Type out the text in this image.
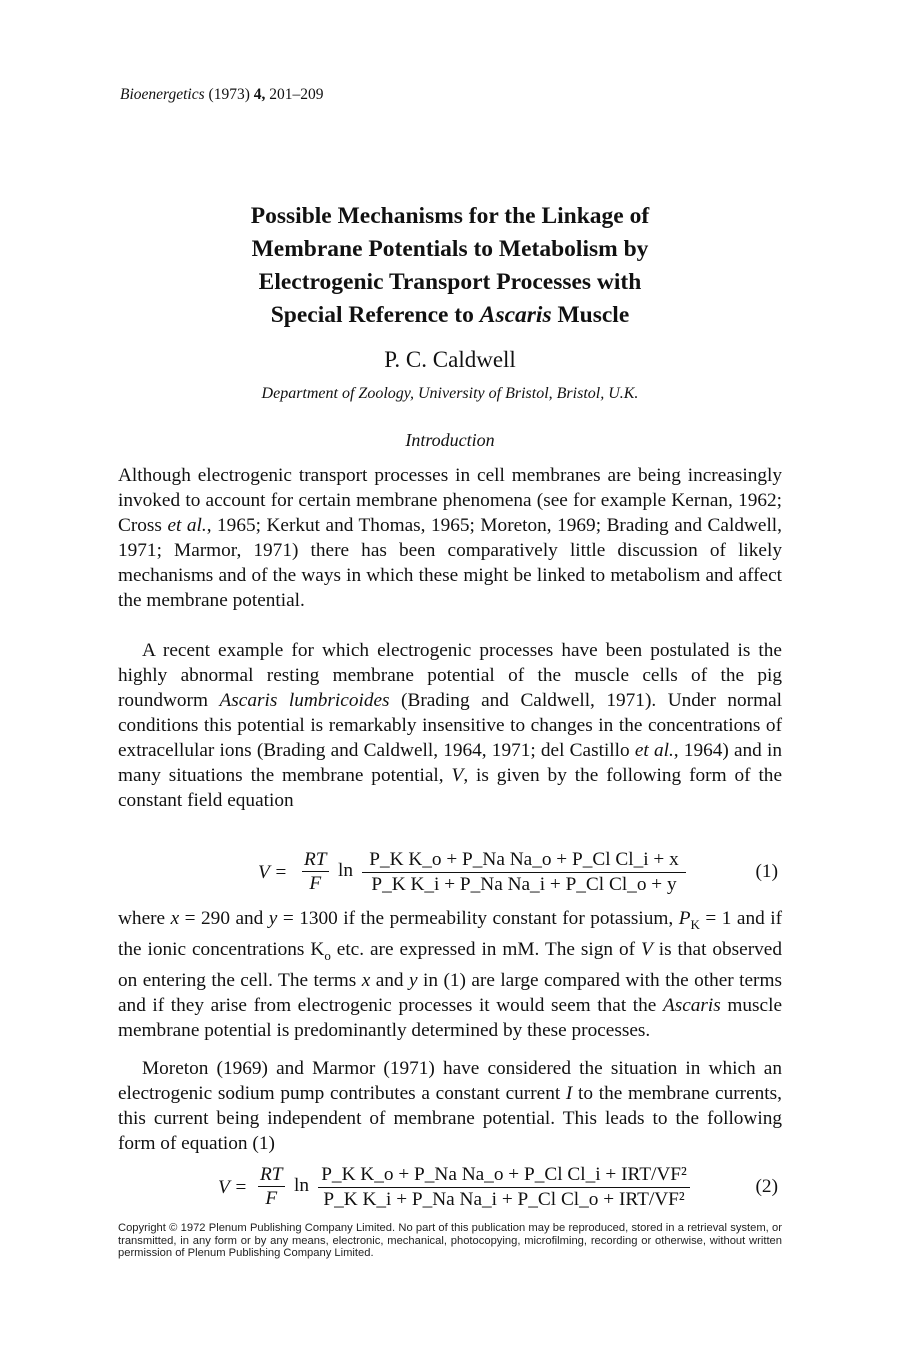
Bioenergetics (1973) 4, 201–209
Possible Mechanisms for the Linkage of
Membrane Potentials to Metabolism by
Electrogenic Transport Processes with
Special Reference to Ascaris Muscle
P. C. Caldwell
Department of Zoology, University of Bristol, Bristol, U.K.
Introduction

Although electrogenic transport processes in cell membranes are being increasingly invoked to account for certain membrane phenomena (see for example Kernan, 1962; Cross et al., 1965; Kerkut and Thomas, 1965; Moreton, 1969; Brading and Caldwell, 1971; Marmor, 1971) there has been comparatively little discussion of likely mechanisms and of the ways in which these might be linked to metabolism and affect the membrane potential.

A recent example for which electrogenic processes have been postulated is the highly abnormal resting membrane potential of the muscle cells of the pig roundworm Ascaris lumbricoides (Brading and Caldwell, 1971). Under normal conditions this potential is remarkably insensitive to changes in the concentrations of extracellular ions (Brading and Caldwell, 1964, 1971; del Castillo et al., 1964) and in many situations the membrane potential, V, is given by the following form of the constant field equation

$V = \frac{RT}{F}$ $\ln \frac{\text{P\_K K\_o + P\_Na Na\_o + P\_Cl Cl\_i + x}}{\text{P\_K K\_i + P\_Na Na\_i + P\_Cl Cl\_o + y}}$	(1)

where x = 290 and y = 1300 if the permeability constant for potassium, $P_K = 1$ and if the ionic concentrations $K_o$ etc. are expressed in mM. The sign of V is that observed on entering the cell. The terms x and y in (1) are large compared with the other terms and if they arise from electrogenic processes it would seem that the Ascaris muscle membrane potential is predominantly determined by these processes.

Moreton (1969) and Marmor (1971) have considered the situation in which an electrogenic sodium pump contributes a constant current I to the membrane currents, this current being independent of membrane potential. This leads to the following form of equation (1)

$V = \frac{RT}{F}$ ln
P_K K_o + P_Na Na_o + P_Cl Cl_i + IRT/VF²
P_K K_i + P_Na Na_i + P_Cl Cl_o + IRT/VF²
(2)
Copyright © 1972 Plenum Publishing Company Limited. No part of this publication may be reproduced, stored in a retrieval system, or transmitted, in any form or by any means, electronic, mechanical, photocopying, microfilming, recording or otherwise, without written permission of Plenum Publishing Company Limited.
